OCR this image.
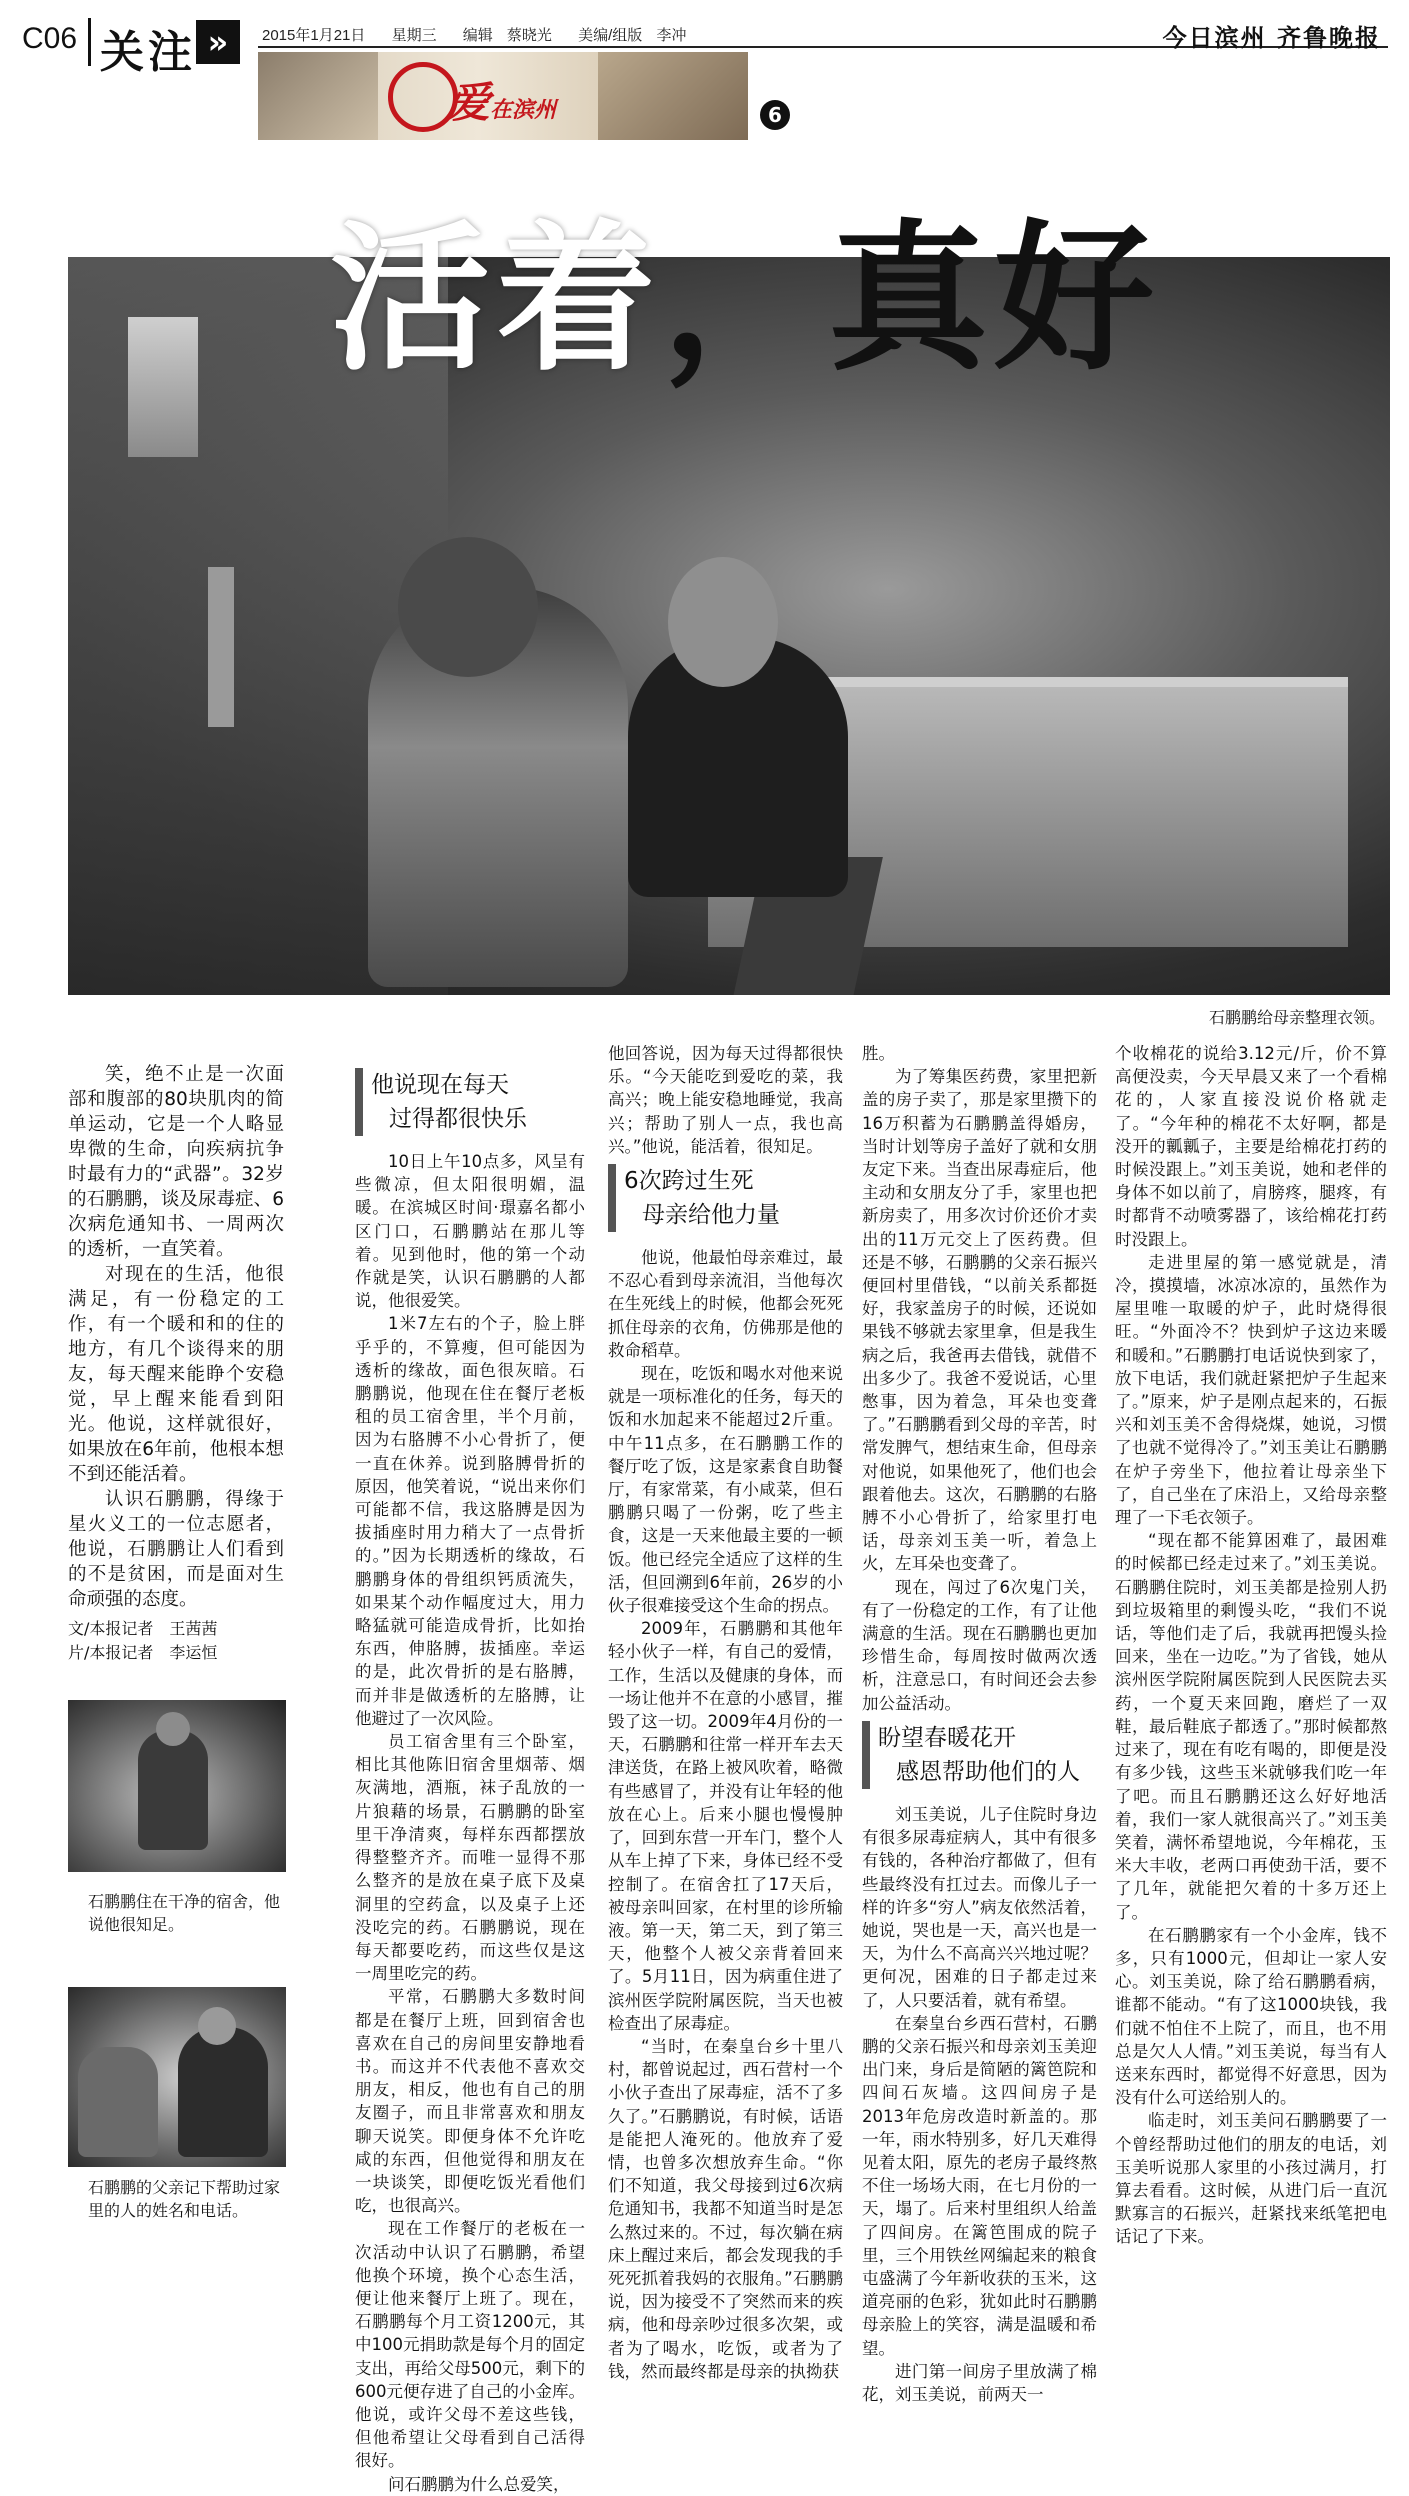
C06 关注 »	2015年1月21日 星期三 编辑 蔡晓光 美编/组版 李冲	今日滨州 齐鲁晚报
爱在滨州	6
活着，真好
石鹏鹏给母亲整理衣领。

笑，绝不止是一次面部和腹部的80块肌肉的简单运动，它是一个人略显卑微的生命，向疾病抗争时最有力的“武器”。32岁的石鹏鹏，谈及尿毒症、6次病危通知书、一周两次的透析，一直笑着。

对现在的生活，他很满足，有一份稳定的工作，有一个暖和和的住的地方，有几个谈得来的朋友，每天醒来能睁个安稳觉，早上醒来能看到阳光。他说，这样就很好，如果放在6年前，他根本想不到还能活着。

认识石鹏鹏，得缘于星火义工的一位志愿者，他说，石鹏鹏让人们看到的不是贫困，而是面对生命顽强的态度。

文/本报记者 王茜茜
片/本报记者 李运恒
石鹏鹏住在干净的宿舍，他说他很知足。
石鹏鹏的父亲记下帮助过家里的人的姓名和电话。
他说现在每天
过得都很快乐

10日上午10点多，风呈有些微凉，但太阳很明媚，温暖。在滨城区时间·璟嘉名都小区门口，石鹏鹏站在那儿等着。见到他时，他的第一个动作就是笑，认识石鹏鹏的人都说，他很爱笑。

1米7左右的个子，脸上胖乎乎的，不算瘦，但可能因为透析的缘故，面色很灰暗。石鹏鹏说，他现在住在餐厅老板租的员工宿舍里，半个月前，因为右胳膊不小心骨折了，便一直在休养。说到胳膊骨折的原因，他笑着说，“说出来你们可能都不信，我这胳膊是因为拔插座时用力稍大了一点骨折的。”因为长期透析的缘故，石鹏鹏身体的骨组织钙质流失，如果某个动作幅度过大，用力略猛就可能造成骨折，比如抬东西，伸胳膊，拔插座。幸运的是，此次骨折的是右胳膊，而并非是做透析的左胳膊，让他避过了一次风险。

员工宿舍里有三个卧室，相比其他陈旧宿舍里烟蒂、烟灰满地，酒瓶，袜子乱放的一片狼藉的场景，石鹏鹏的卧室里干净清爽，每样东西都摆放得整整齐齐。而唯一显得不那么整齐的是放在桌子底下及桌洞里的空药盒，以及桌子上还没吃完的药。石鹏鹏说，现在每天都要吃药，而这些仅是这一周里吃完的药。

平常，石鹏鹏大多数时间都是在餐厅上班，回到宿舍也喜欢在自己的房间里安静地看书。而这并不代表他不喜欢交朋友，相反，他也有自己的朋友圈子，而且非常喜欢和朋友聊天说笑。即便身体不允许吃咸的东西，但他觉得和朋友在一块谈笑，即便吃饭光看他们吃，也很高兴。

现在工作餐厅的老板在一次活动中认识了石鹏鹏，希望他换个环境，换个心态生活，便让他来餐厅上班了。现在，石鹏鹏每个月工资1200元，其中100元捐助款是每个月的固定支出，再给父母500元，剩下的600元便存进了自己的小金库。他说，或许父母不差这些钱，但他希望让父母看到自己活得很好。

问石鹏鹏为什么总爱笑，

他回答说，因为每天过得都很快乐。“今天能吃到爱吃的菜，我高兴；晚上能安稳地睡觉，我高兴；帮助了别人一点，我也高兴。”他说，能活着，很知足。

6次跨过生死
母亲给他力量

他说，他最怕母亲难过，最不忍心看到母亲流泪，当他每次在生死线上的时候，他都会死死抓住母亲的衣角，仿佛那是他的救命稻草。

现在，吃饭和喝水对他来说就是一项标准化的任务，每天的饭和水加起来不能超过2斤重。中午11点多，在石鹏鹏工作的餐厅吃了饭，这是家素食自助餐厅，有家常菜，有小咸菜，但石鹏鹏只喝了一份粥，吃了些主食，这是一天来他最主要的一顿饭。他已经完全适应了这样的生活，但回溯到6年前，26岁的小伙子很难接受这个生命的拐点。

2009年，石鹏鹏和其他年轻小伙子一样，有自己的爱情，工作，生活以及健康的身体，而一场让他并不在意的小感冒，摧毁了这一切。2009年4月份的一天，石鹏鹏和往常一样开车去天津送货，在路上被风吹着，略微有些感冒了，并没有让年轻的他放在心上。后来小腿也慢慢肿了，回到东营一开车门，整个人从车上掉了下来，身体已经不受控制了。在宿舍扛了17天后，被母亲叫回家，在村里的诊所输液。第一天，第二天，到了第三天，他整个人被父亲背着回来了。5月11日，因为病重住进了滨州医学院附属医院，当天也被检查出了尿毒症。

“当时，在秦皇台乡十里八村，都曾说起过，西石营村一个小伙子查出了尿毒症，活不了多久了。”石鹏鹏说，有时候，话语是能把人淹死的。他放弃了爱情，也曾多次想放弃生命。“你们不知道，我父母接到过6次病危通知书，我都不知道当时是怎么熬过来的。不过，每次躺在病床上醒过来后，都会发现我的手死死抓着我妈的衣服角。”石鹏鹏说，因为接受不了突然而来的疾病，他和母亲吵过很多次架，或者为了喝水，吃饭，或者为了钱，然而最终都是母亲的执拗获

胜。

为了筹集医药费，家里把新盖的房子卖了，那是家里攒下的16万积蓄为石鹏鹏盖得婚房，当时计划等房子盖好了就和女朋友定下来。当查出尿毒症后，他主动和女朋友分了手，家里也把新房卖了，用多次讨价还价才卖出的11万元交上了医药费。但还是不够，石鹏鹏的父亲石振兴便回村里借钱，“以前关系都挺好，我家盖房子的时候，还说如果钱不够就去家里拿，但是我生病之后，我爸再去借钱，就借不出多少了。我爸不爱说话，心里憋事，因为着急，耳朵也变聋了。”石鹏鹏看到父母的辛苦，时常发脾气，想结束生命，但母亲对他说，如果他死了，他们也会跟着他去。这次，石鹏鹏的右胳膊不小心骨折了，给家里打电话，母亲刘玉美一听，着急上火，左耳朵也变聋了。

现在，闯过了6次鬼门关，有了一份稳定的工作，有了让他满意的生活。现在石鹏鹏也更加珍惜生命，每周按时做两次透析，注意忌口，有时间还会去参加公益活动。

盼望春暖花开
感恩帮助他们的人

刘玉美说，儿子住院时身边有很多尿毒症病人，其中有很多有钱的，各种治疗都做了，但有些最终没有扛过去。而像儿子一样的许多“穷人”病友依然活着，她说，哭也是一天，高兴也是一天，为什么不高高兴兴地过呢？更何况，困难的日子都走过来了，人只要活着，就有希望。

在秦皇台乡西石营村，石鹏鹏的父亲石振兴和母亲刘玉美迎出门来，身后是简陋的篱笆院和四间石灰墙。这四间房子是2013年危房改造时新盖的。那一年，雨水特别多，好几天难得见着太阳，原先的老房子最终熬不住一场场大雨，在七月份的一天，塌了。后来村里组织人给盖了四间房。在篱笆围成的院子里，三个用铁丝网编起来的粮食屯盛满了今年新收获的玉米，这道亮丽的色彩，犹如此时石鹏鹏母亲脸上的笑容，满是温暖和希望。

进门第一间房子里放满了棉花，刘玉美说，前两天一

个收棉花的说给3.12元/斤，价不算高便没卖，今天早晨又来了一个看棉花的，人家直接没说价格就走了。“今年种的棉花不太好啊，都是没开的瓤瓤子，主要是给棉花打药的时候没跟上。”刘玉美说，她和老伴的身体不如以前了，肩膀疼，腿疼，有时都背不动喷雾器了，该给棉花打药时没跟上。

走进里屋的第一感觉就是，清冷，摸摸墙，冰凉冰凉的，虽然作为屋里唯一取暖的炉子，此时烧得很旺。“外面冷不？快到炉子这边来暖和暖和。”石鹏鹏打电话说快到家了，放下电话，我们就赶紧把炉子生起来了。”原来，炉子是刚点起来的，石振兴和刘玉美不舍得烧煤，她说，习惯了也就不觉得冷了。”刘玉美让石鹏鹏在炉子旁坐下，他拉着让母亲坐下了，自己坐在了床沿上，又给母亲整理了一下毛衣领子。

“现在都不能算困难了，最困难的时候都已经走过来了。”刘玉美说。石鹏鹏住院时，刘玉美都是捡别人扔到垃圾箱里的剩馒头吃，“我们不说话，等他们走了后，我就再把馒头捡回来，坐在一边吃。”为了省钱，她从滨州医学院附属医院到人民医院去买药，一个夏天来回跑，磨烂了一双鞋，最后鞋底子都透了。”那时候都熬过来了，现在有吃有喝的，即便是没有多少钱，这些玉米就够我们吃一年了吧。而且石鹏鹏还这么好好地活着，我们一家人就很高兴了。”刘玉美笑着，满怀希望地说，今年棉花，玉米大丰收，老两口再使劲干活，要不了几年，就能把欠着的十多万还上了。

在石鹏鹏家有一个小金库，钱不多，只有1000元，但却让一家人安心。刘玉美说，除了给石鹏鹏看病，谁都不能动。“有了这1000块钱，我们就不怕住不上院了，而且，也不用总是欠人人情。”刘玉美说，每当有人送来东西时，都觉得不好意思，因为没有什么可送给别人的。

临走时，刘玉美问石鹏鹏要了一个曾经帮助过他们的朋友的电话，刘玉美听说那人家里的小孩过满月，打算去看看。这时候，从进门后一直沉默寡言的石振兴，赶紧找来纸笔把电话记了下来。
